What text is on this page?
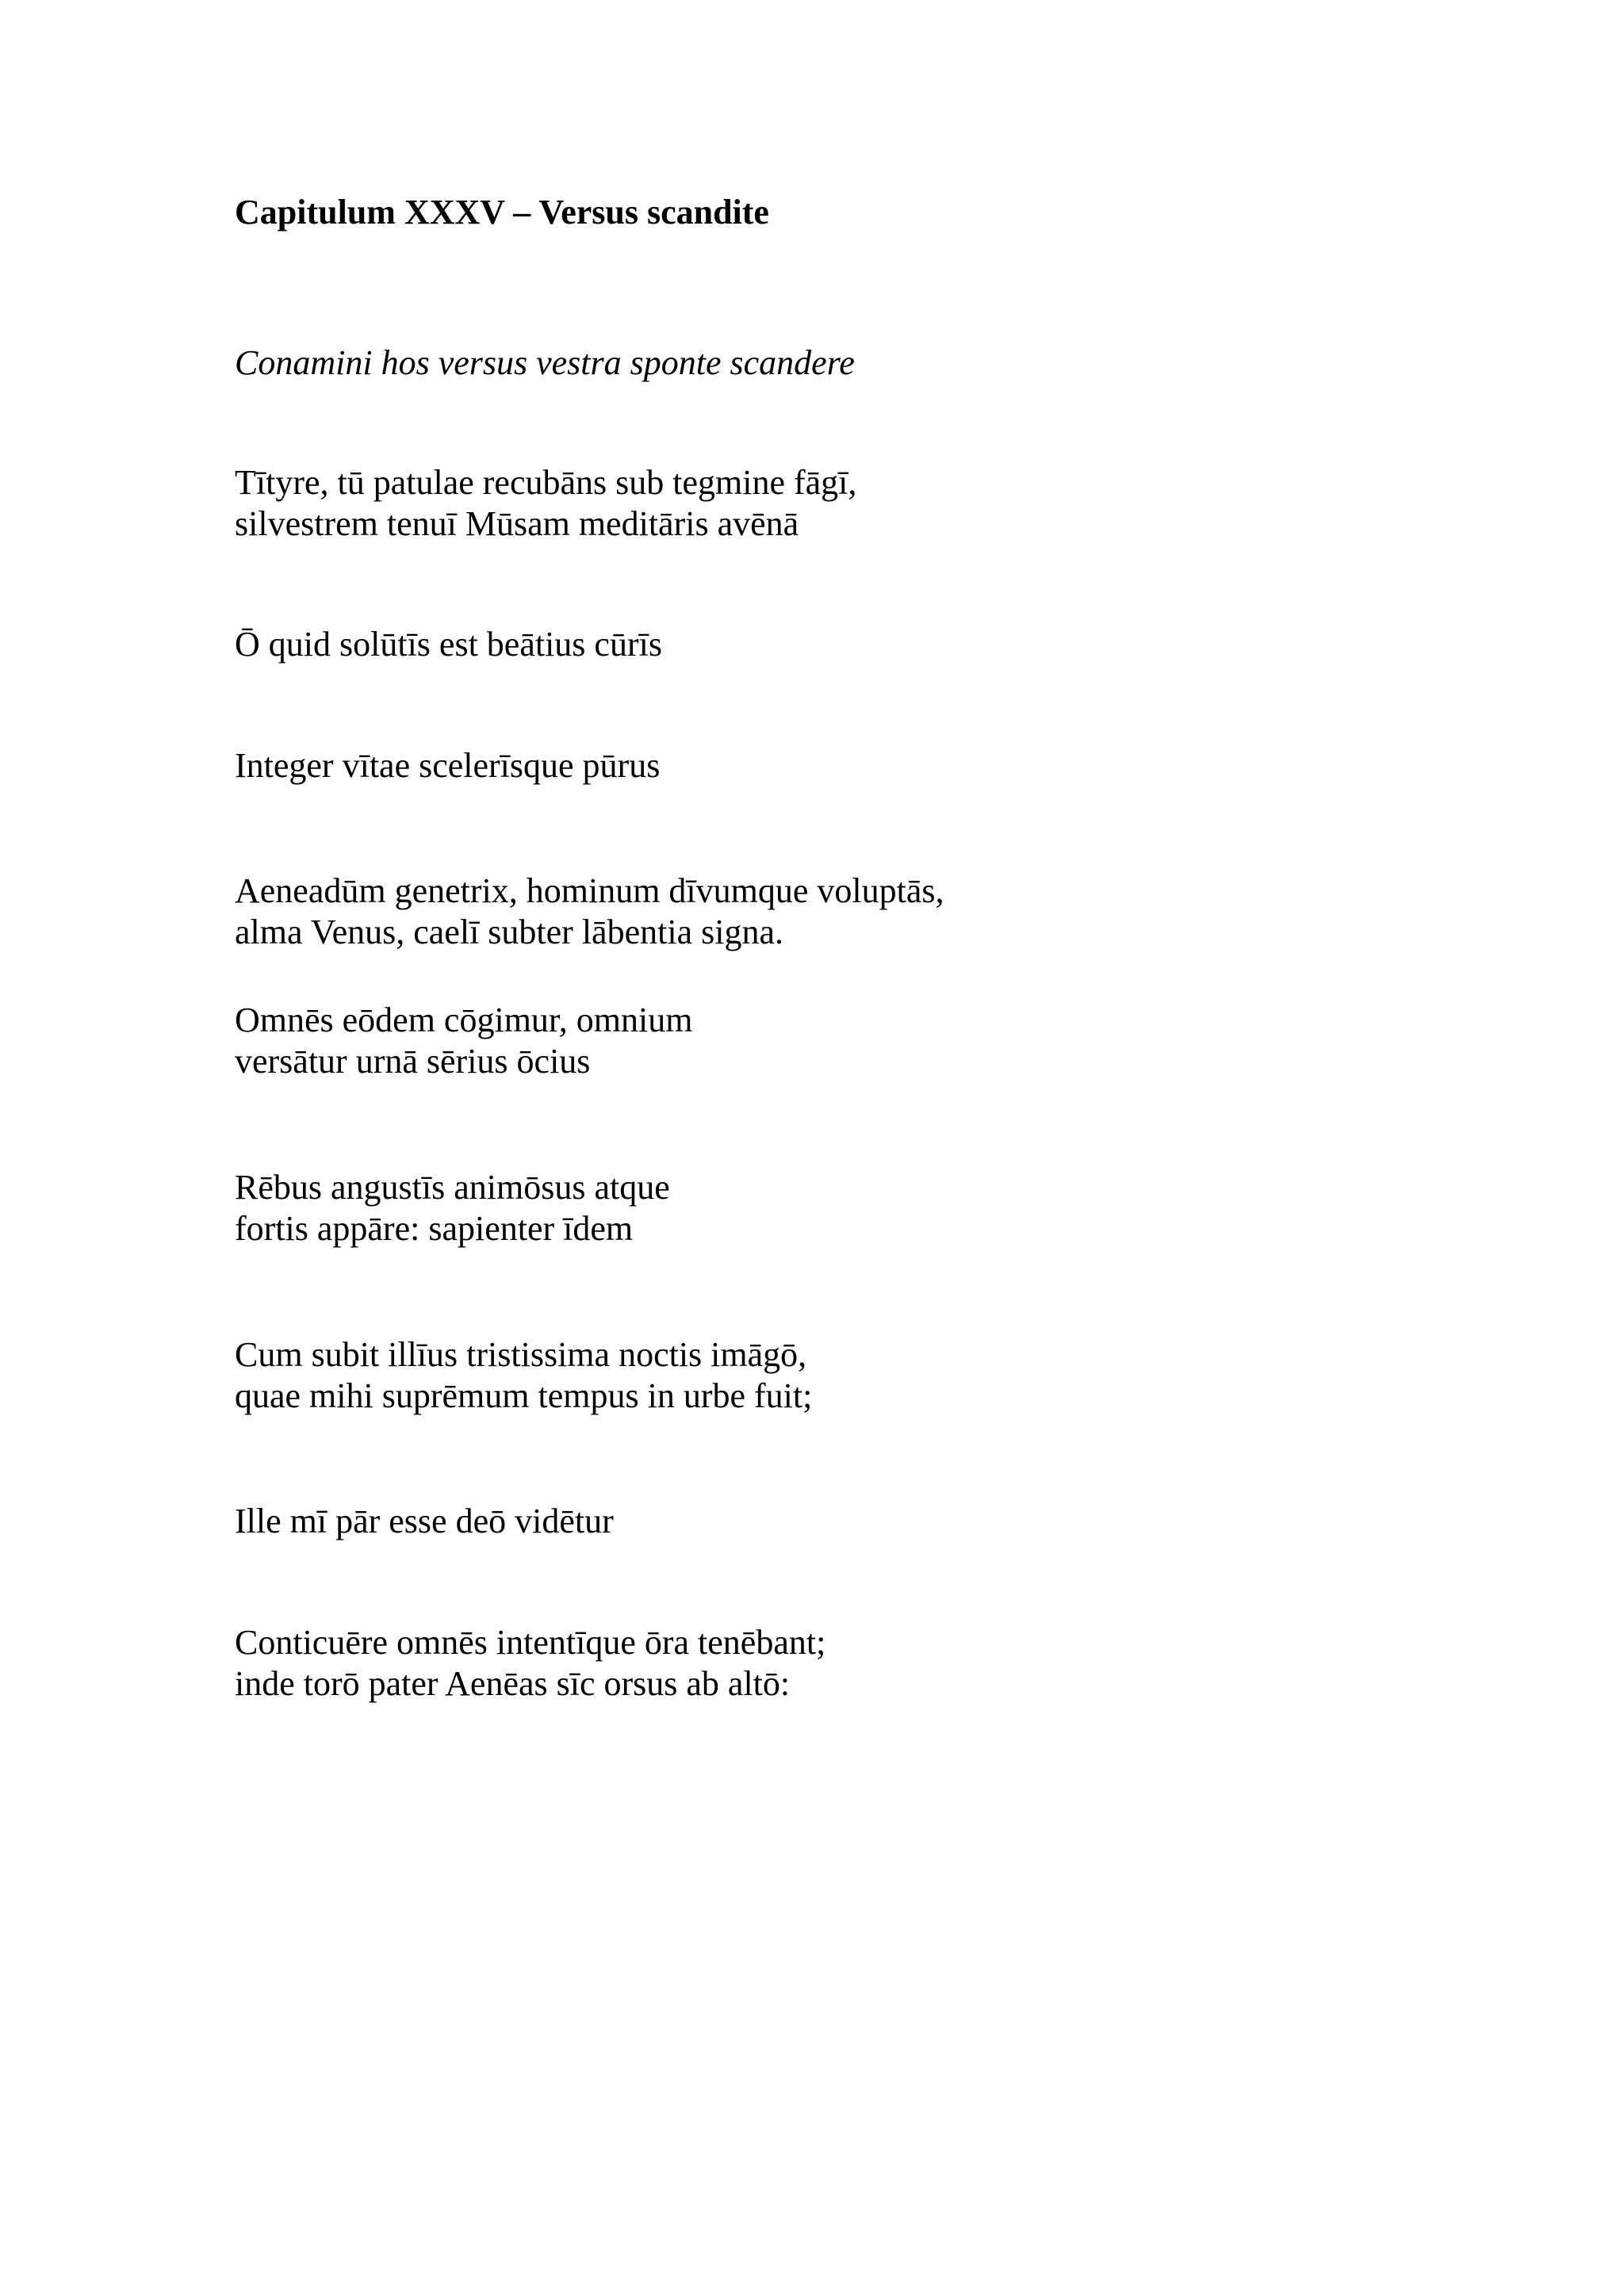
Capitulum XXXV – Versus scandite
Conamini hos versus vestra sponte scandere
Tītyre, tū patulae recubāns sub tegmine fāgī,
silvestrem tenuī Mūsam meditāris avēnā
Ō quid solūtīs est beātius cūrīs
Integer vītae scelerīsque pūrus
Aeneadūm genetrix, hominum dīvumque voluptās,
alma Venus, caelī subter lābentia signa.
Omnēs eōdem cōgimur, omnium
versātur urnā sērius ōcius
Rēbus angustīs animōsus atque
fortis appāre: sapienter īdem
Cum subit illīus tristissima noctis imāgō,
quae mihi suprēmum tempus in urbe fuit;
Ille mī pār esse deō vidētur
Conticuēre omnēs intentīque ōra tenēbant;
inde torō pater Aenēas sīc orsus ab altō:
